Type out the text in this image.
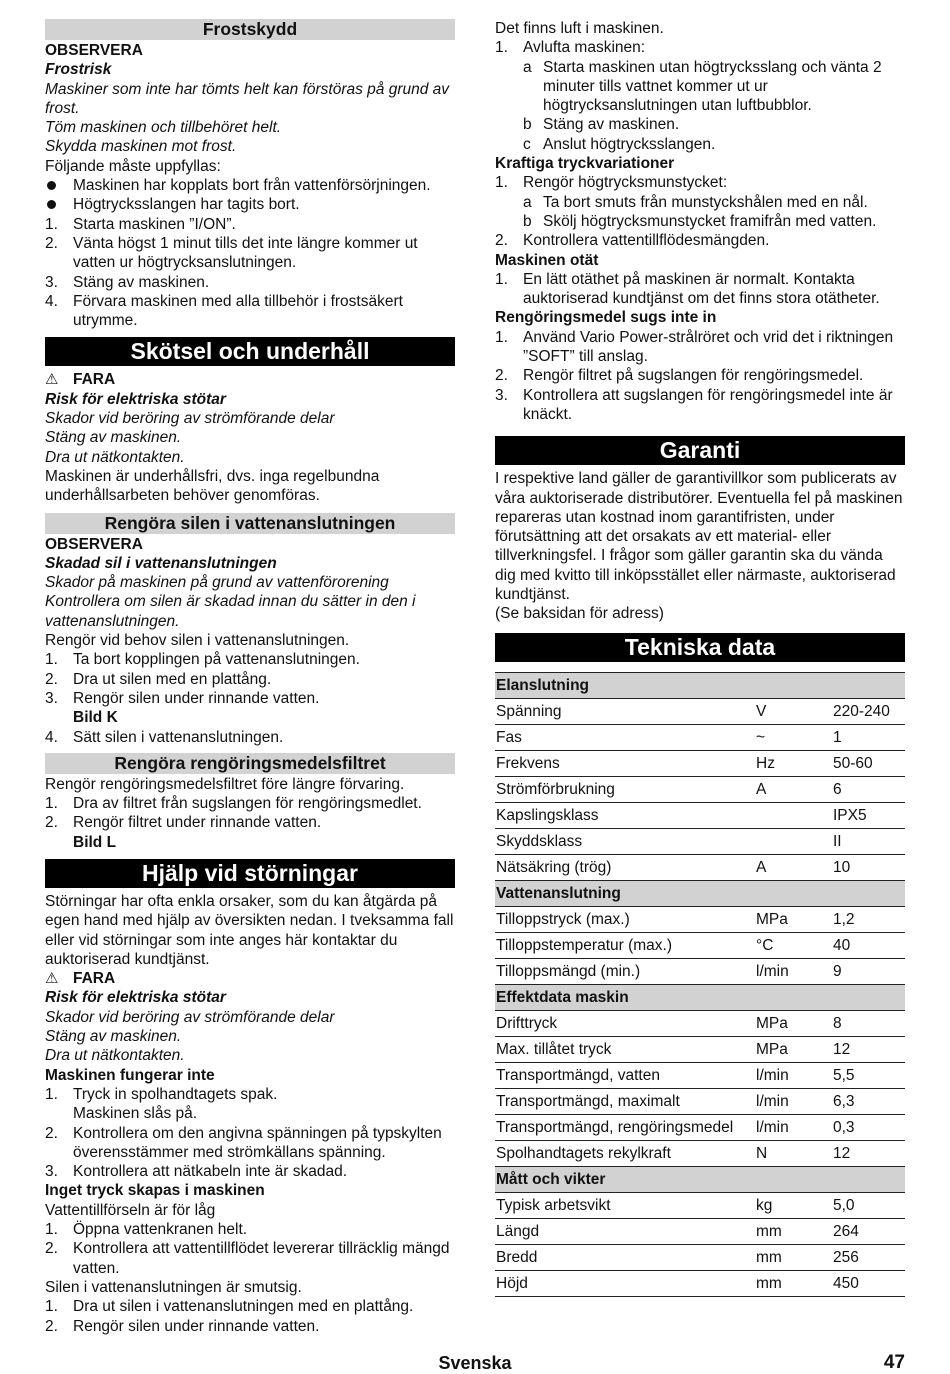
Frostskydd

OBSERVERA

Frostrisk

Maskiner som inte har tömts helt kan förstöras på grund av frost.

Töm maskinen och tillbehöret helt.

Skydda maskinen mot frost.

Följande måste uppfyllas:

Maskinen har kopplats bort från vattenförsörjningen.
Högtrycksslangen har tagits bort.
1. Starta maskinen ”I/ON”.
2. Vänta högst 1 minut tills det inte längre kommer ut vatten ur högtrycksanslutningen.
3. Stäng av maskinen.
4. Förvara maskinen med alla tillbehör i frostsäkert utrymme.
Skötsel och underhåll
⚠ FARA

Risk för elektriska stötar

Skador vid beröring av strömförande delar

Stäng av maskinen.

Dra ut nätkontakten.

Maskinen är underhållsfri, dvs. inga regelbundna underhållsarbeten behöver genomföras.

Rengöra silen i vattenanslutningen

OBSERVERA

Skadad sil i vattenanslutningen

Skador på maskinen på grund av vattenförorening

Kontrollera om silen är skadad innan du sätter in den i vattenanslutningen.

Rengör vid behov silen i vattenanslutningen.

1. Ta bort kopplingen på vattenanslutningen.
2. Dra ut silen med en plattång.
3. Rengör silen under rinnande vatten.

Bild K

4. Sätt silen i vattenanslutningen.
Rengöra rengöringsmedelsfiltret

Rengör rengöringsmedelsfiltret före längre förvaring.

1. Dra av filtret från sugslangen för rengöringsmedlet.
2. Rengör filtret under rinnande vatten.

Bild L

Hjälp vid störningar

Störningar har ofta enkla orsaker, som du kan åtgärda på egen hand med hjälp av översikten nedan. I tveksamma fall eller vid störningar som inte anges här kontaktar du auktoriserad kundtjänst.

⚠ FARA

Risk för elektriska stötar

Skador vid beröring av strömförande delar

Stäng av maskinen.

Dra ut nätkontakten.

Maskinen fungerar inte

1. Tryck in spolhandtagets spak.

Maskinen slås på.

2. Kontrollera om den angivna spänningen på typskylten överensstämmer med strömkällans spänning.
3. Kontrollera att nätkabeln inte är skadad.

Inget tryck skapas i maskinen

Vattentillförseln är för låg

1. Öppna vattenkranen helt.
2. Kontrollera att vattentillflödet levererar tillräcklig mängd vatten.

Silen i vattenanslutningen är smutsig.

1. Dra ut silen i vattenanslutningen med en plattång.
2. Rengör silen under rinnande vatten.

Det finns luft i maskinen.

1. Avlufta maskinen:
a Starta maskinen utan högtrycksslang och vänta 2 minuter tills vattnet kommer ut ur högtrycksanslutningen utan luftbubblor.
b Stäng av maskinen.
c Anslut högtrycksslangen.

Kraftiga tryckvariationer

1. Rengör högtrycksmunstycket:
a Ta bort smuts från munstyckshålen med en nål.
b Skölj högtrycksmunstycket framifrån med vatten.
2. Kontrollera vattentillflödesmängden.

Maskinen otät

1. En lätt otäthet på maskinen är normalt. Kontakta auktoriserad kundtjänst om det finns stora otätheter.

Rengöringsmedel sugs inte in

1. Använd Vario Power-strålröret och vrid det i riktningen ”SOFT” till anslag.
2. Rengör filtret på sugslangen för rengöringsmedel.
3. Kontrollera att sugslangen för rengöringsmedel inte är knäckt.
Garanti

I respektive land gäller de garantivillkor som publicerats av våra auktoriserade distributörer. Eventuella fel på maskinen repareras utan kostnad inom garantifristen, under förutsättning att det orsakats av ett material- eller tillverkningsfel. I frågor som gäller garantin ska du vända dig med kvitto till inköpsstället eller närmaste, auktoriserad kundtjänst.

(Se baksidan för adress)

Tekniska data
Elanslutning		
Spänning	V	220-240
Fas	~	1
Frekvens	Hz	50-60
Strömförbrukning	A	6
Kapslingsklass		IPX5
Skyddsklass		II
Nätsäkring (trög)	A	10
Vattenanslutning		
Tilloppstryck (max.)	MPa	1,2
Tilloppstemperatur (max.)	°C	40
Tilloppsmängd (min.)	l/min	9
Effektdata maskin		
Drifttryck	MPa	8
Max. tillåtet tryck	MPa	12
Transportmängd, vatten	l/min	5,5
Transportmängd, maximalt	l/min	6,3
Transportmängd, rengöringsmedel	l/min	0,3
Spolhandtagets rekylkraft	N	12
Mått och vikter		
Typisk arbetsvikt	kg	5,0
Längd	mm	264
Bredd	mm	256
Höjd	mm	450
Svenska	47
